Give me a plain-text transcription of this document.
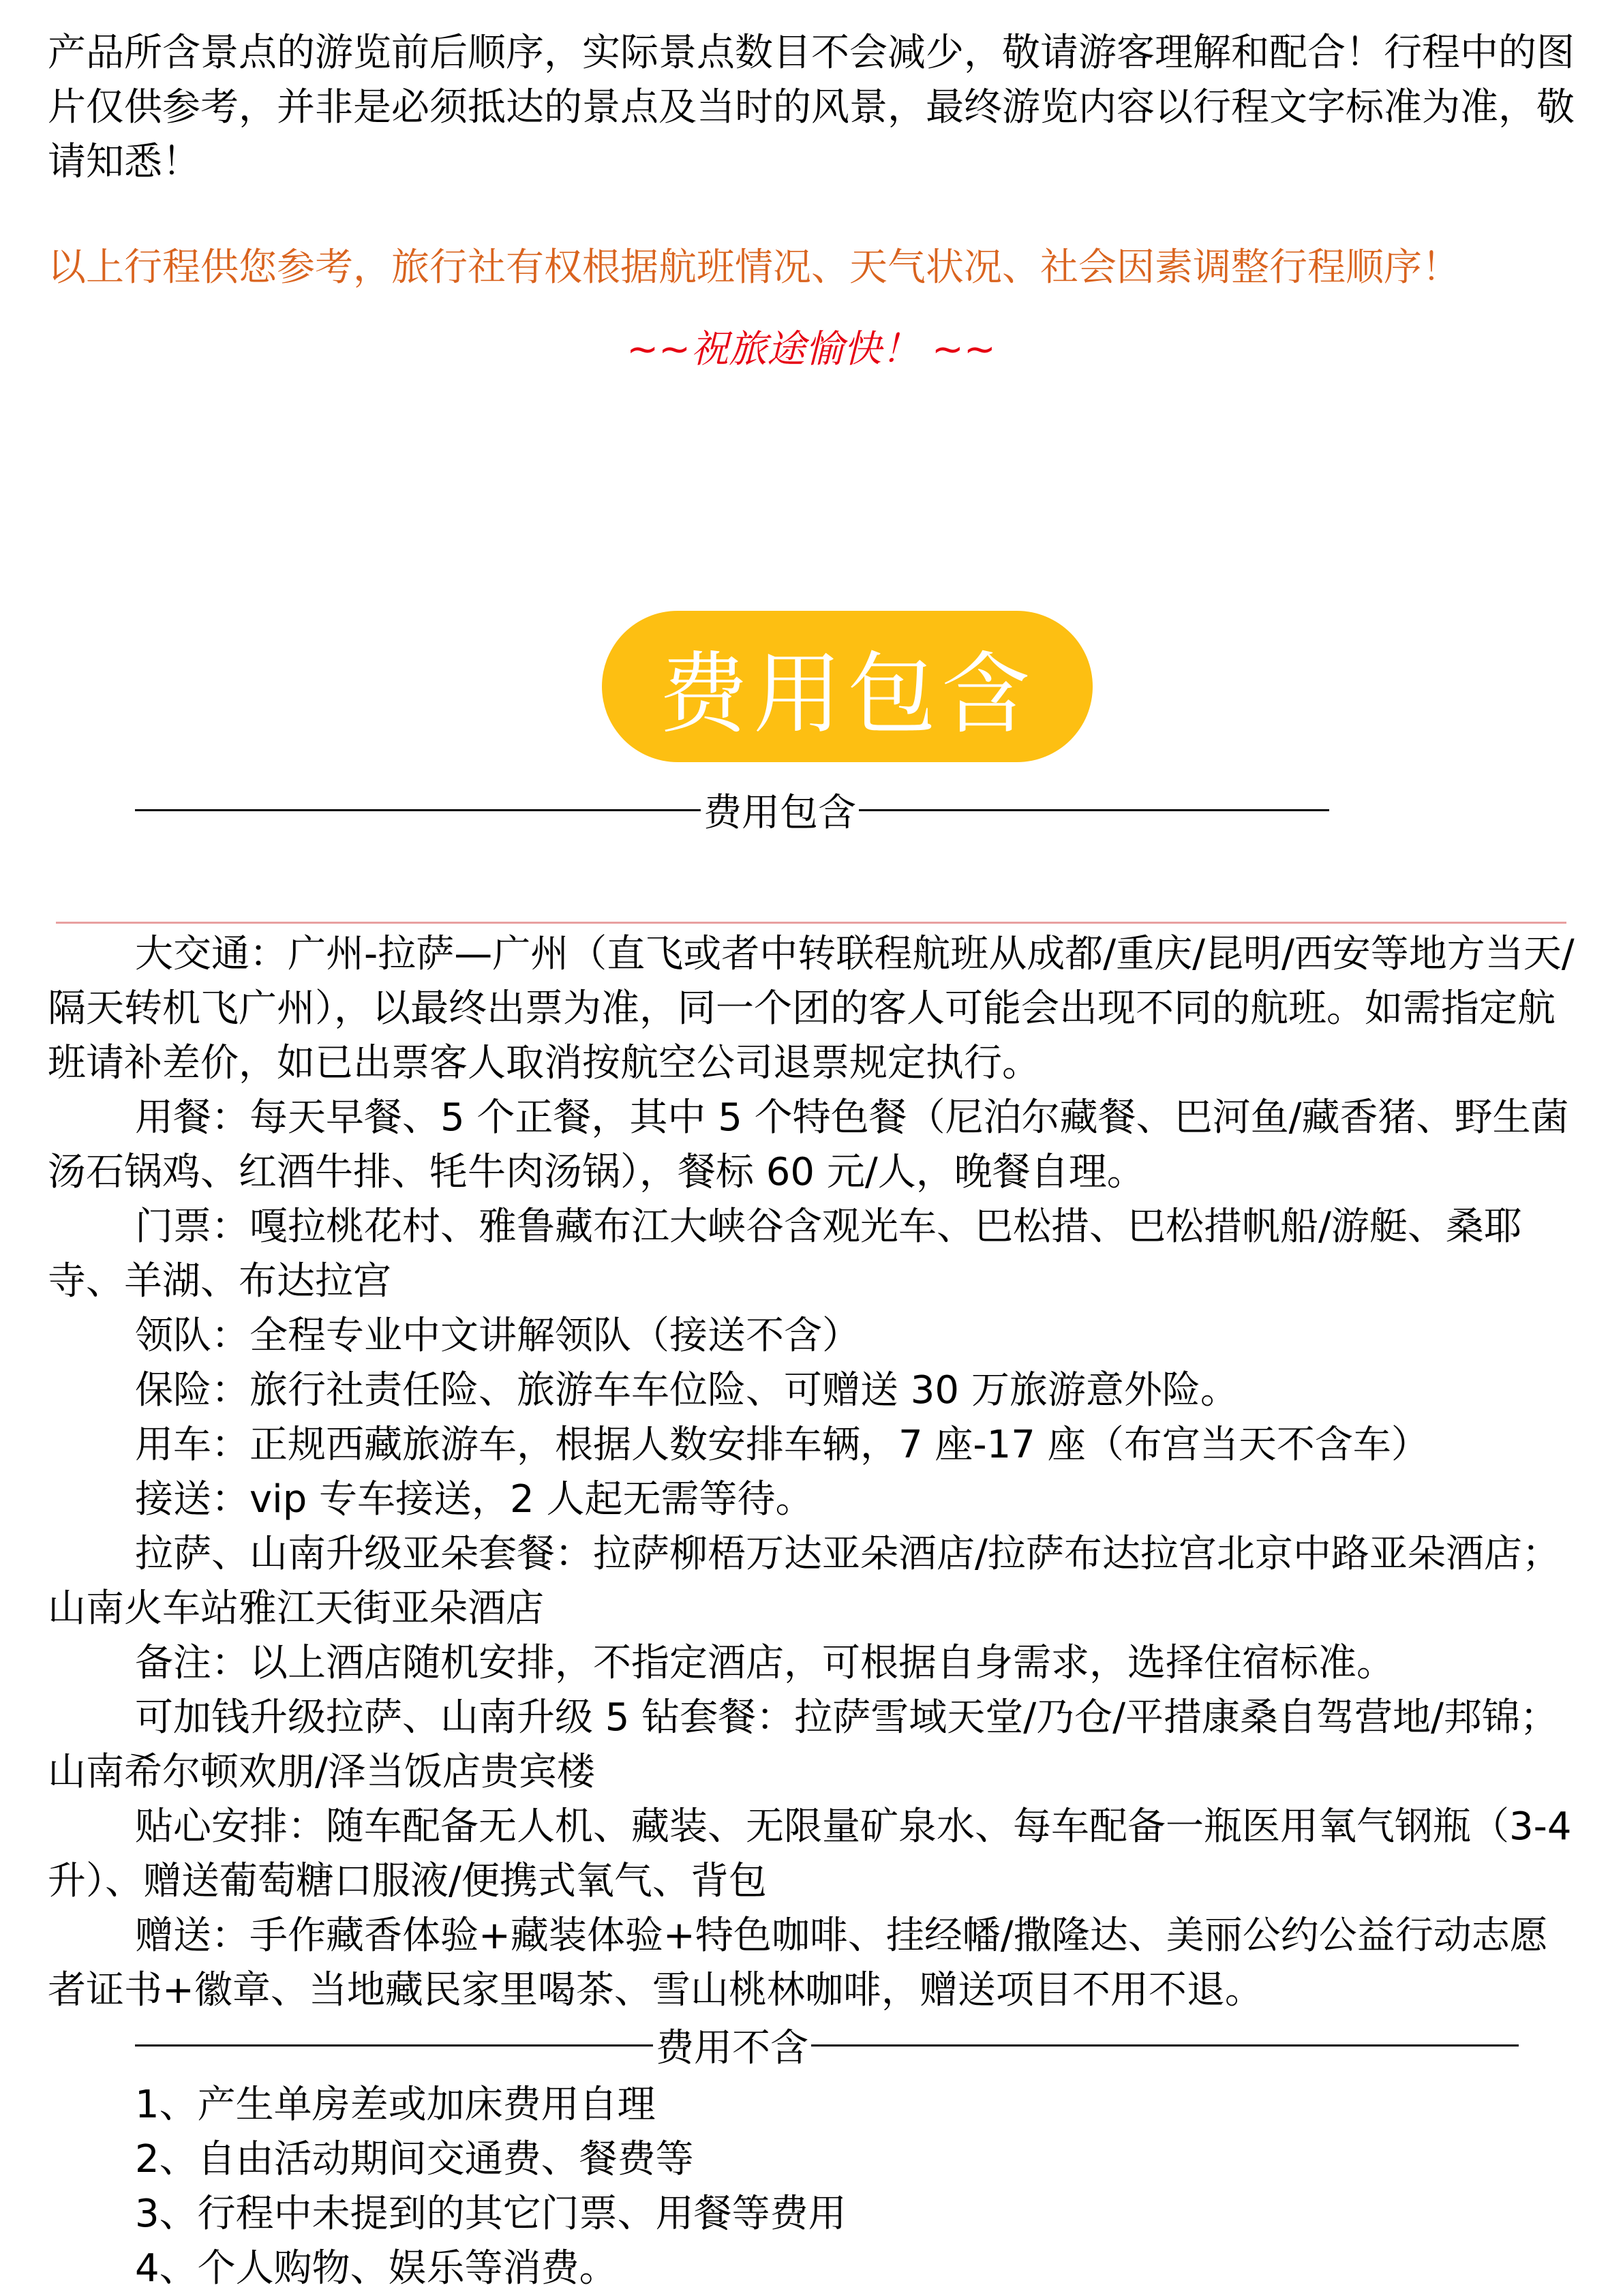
产品所含景点的游览前后顺序，实际景点数目不会减少，敬请游客理解和配合！行程中的图片仅供参考，并非是必须抵达的景点及当时的风景，最终游览内容以行程文字标准为准，敬请知悉！

以上行程供您参考，旅行社有权根据航班情况、天气状况、社会因素调整行程顺序！

~~祝旅途愉快！ ~~
费用包含
费用包含

大交通：广州-拉萨—广州（直飞或者中转联程航班从成都/重庆/昆明/西安等地方当天/隔天转机飞广州），以最终出票为准，同一个团的客人可能会出现不同的航班。如需指定航班请补差价，如已出票客人取消按航空公司退票规定执行。

用餐：每天早餐、5 个正餐，其中 5 个特色餐（尼泊尔藏餐、巴河鱼/藏香猪、野生菌汤石锅鸡、红酒牛排、牦牛肉汤锅），餐标 60 元/人，晚餐自理。

门票：嘎拉桃花村、雅鲁藏布江大峡谷含观光车、巴松措、巴松措帆船/游艇、桑耶寺、羊湖、布达拉宫

领队：全程专业中文讲解领队（接送不含）

保险：旅行社责任险、旅游车车位险、可赠送 30 万旅游意外险。

用车：正规西藏旅游车，根据人数安排车辆，7 座-17 座（布宫当天不含车）

接送：vip 专车接送，2 人起无需等待。

拉萨、山南升级亚朵套餐：拉萨柳梧万达亚朵酒店/拉萨布达拉宫北京中路亚朵酒店；山南火车站雅江天街亚朵酒店

备注：以上酒店随机安排，不指定酒店，可根据自身需求，选择住宿标准。

可加钱升级拉萨、山南升级 5 钻套餐：拉萨雪域天堂/乃仓/平措康桑自驾营地/邦锦；山南希尔顿欢朋/泽当饭店贵宾楼

贴心安排：随车配备无人机、藏装、无限量矿泉水、每车配备一瓶医用氧气钢瓶（3-4 升）、赠送葡萄糖口服液/便携式氧气、背包

赠送：手作藏香体验+藏装体验+特色咖啡、挂经幡/撒隆达、美丽公约公益行动志愿者证书+徽章、当地藏民家里喝茶、雪山桃林咖啡，赠送项目不用不退。

费用不含

1、产生单房差或加床费用自理

2、自由活动期间交通费、餐费等

3、行程中未提到的其它门票、用餐等费用

4、个人购物、娱乐等消费。
